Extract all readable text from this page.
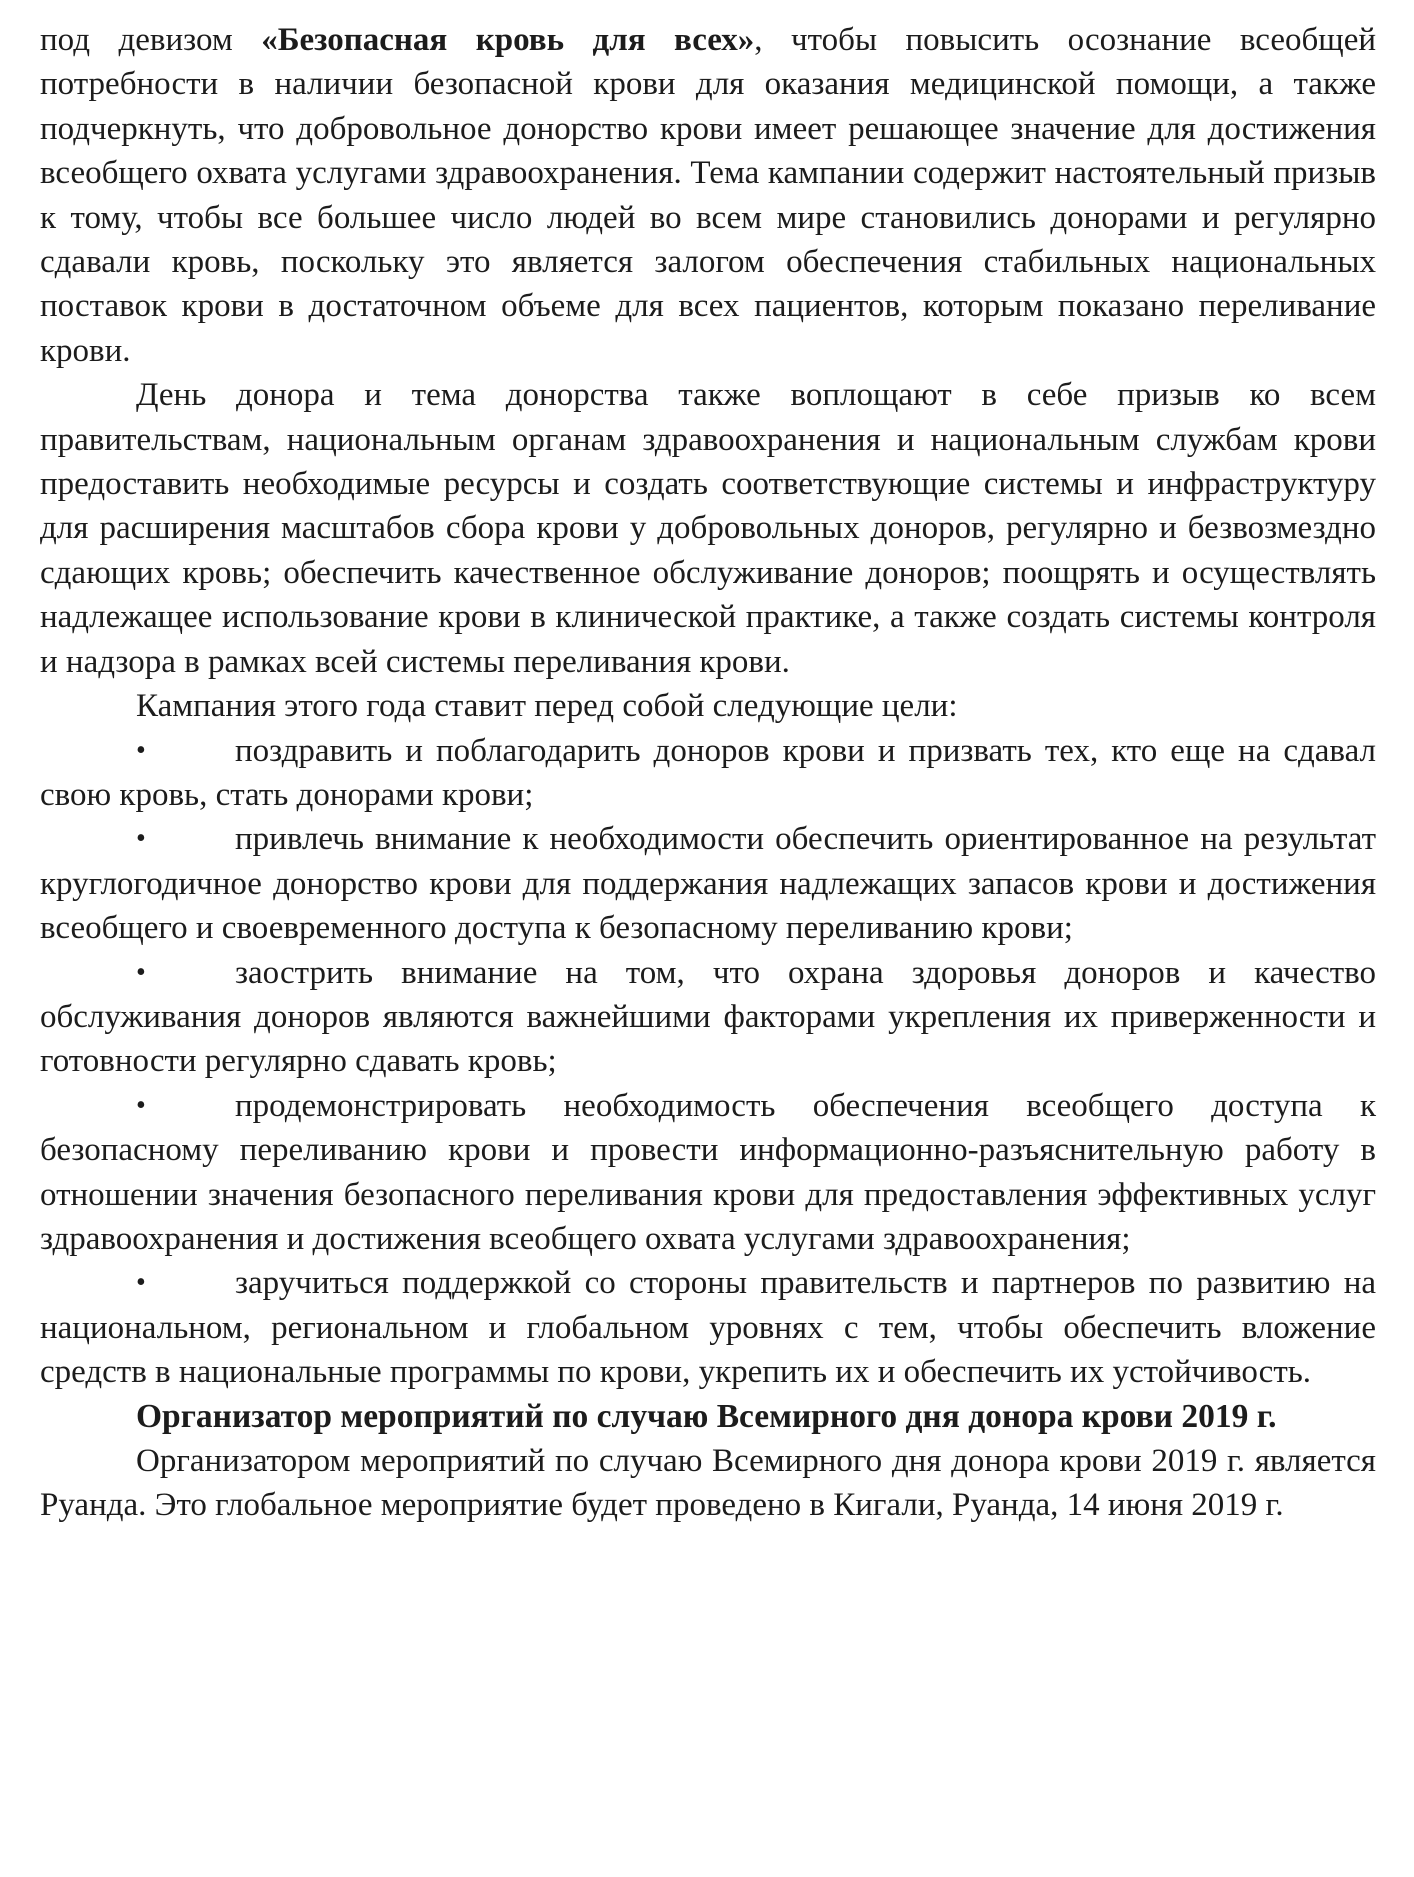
под девизом «Безопасная кровь для всех», чтобы повысить осознание всеобщей потребности в наличии безопасной крови для оказания медицинской помощи, а также подчеркнуть, что добровольное донорство крови имеет решающее значение для достижения всеобщего охвата услугами здравоохранения. Тема кампании содержит настоятельный призыв к тому, чтобы все большее число людей во всем мире становились донорами и регулярно сдавали кровь, поскольку это является залогом обеспечения стабильных национальных поставок крови в достаточном объеме для всех пациентов, которым показано переливание крови.

День донора и тема донорства также воплощают в себе призыв ко всем правительствам, национальным органам здравоохранения и национальным службам крови предоставить необходимые ресурсы и создать соответствующие системы и инфраструктуру для расширения масштабов сбора крови у добровольных доноров, регулярно и безвозмездно сдающих кровь; обеспечить качественное обслуживание доноров; поощрять и осуществлять надлежащее использование крови в клинической практике, а также создать системы контроля и надзора в рамках всей системы переливания крови.

Кампания этого года ставит перед собой следующие цели:

•	поздравить и поблагодарить доноров крови и призвать тех, кто еще на сдавал свою кровь, стать донорами крови;

•	привлечь внимание к необходимости обеспечить ориентированное на результат круглогодичное донорство крови для поддержания надлежащих запасов крови и достижения всеобщего и своевременного доступа к безопасному переливанию крови;

•	заострить внимание на том, что охрана здоровья доноров и качество обслуживания доноров являются важнейшими факторами укрепления их приверженности и готовности регулярно сдавать кровь;

•	продемонстрировать необходимость обеспечения всеобщего доступа к безопасному переливанию крови и провести информационно-разъяснительную работу в отношении значения безопасного переливания крови для предоставления эффективных услуг здравоохранения и достижения всеобщего охвата услугами здравоохранения;

•	заручиться поддержкой со стороны правительств и партнеров по развитию на национальном, региональном и глобальном уровнях с тем, чтобы обеспечить вложение средств в национальные программы по крови, укрепить их и обеспечить их устойчивость.

Организатор мероприятий по случаю Всемирного дня донора крови 2019 г.

Организатором мероприятий по случаю Всемирного дня донора крови 2019 г. является Руанда. Это глобальное мероприятие будет проведено в Кигали, Руанда, 14 июня 2019 г.
